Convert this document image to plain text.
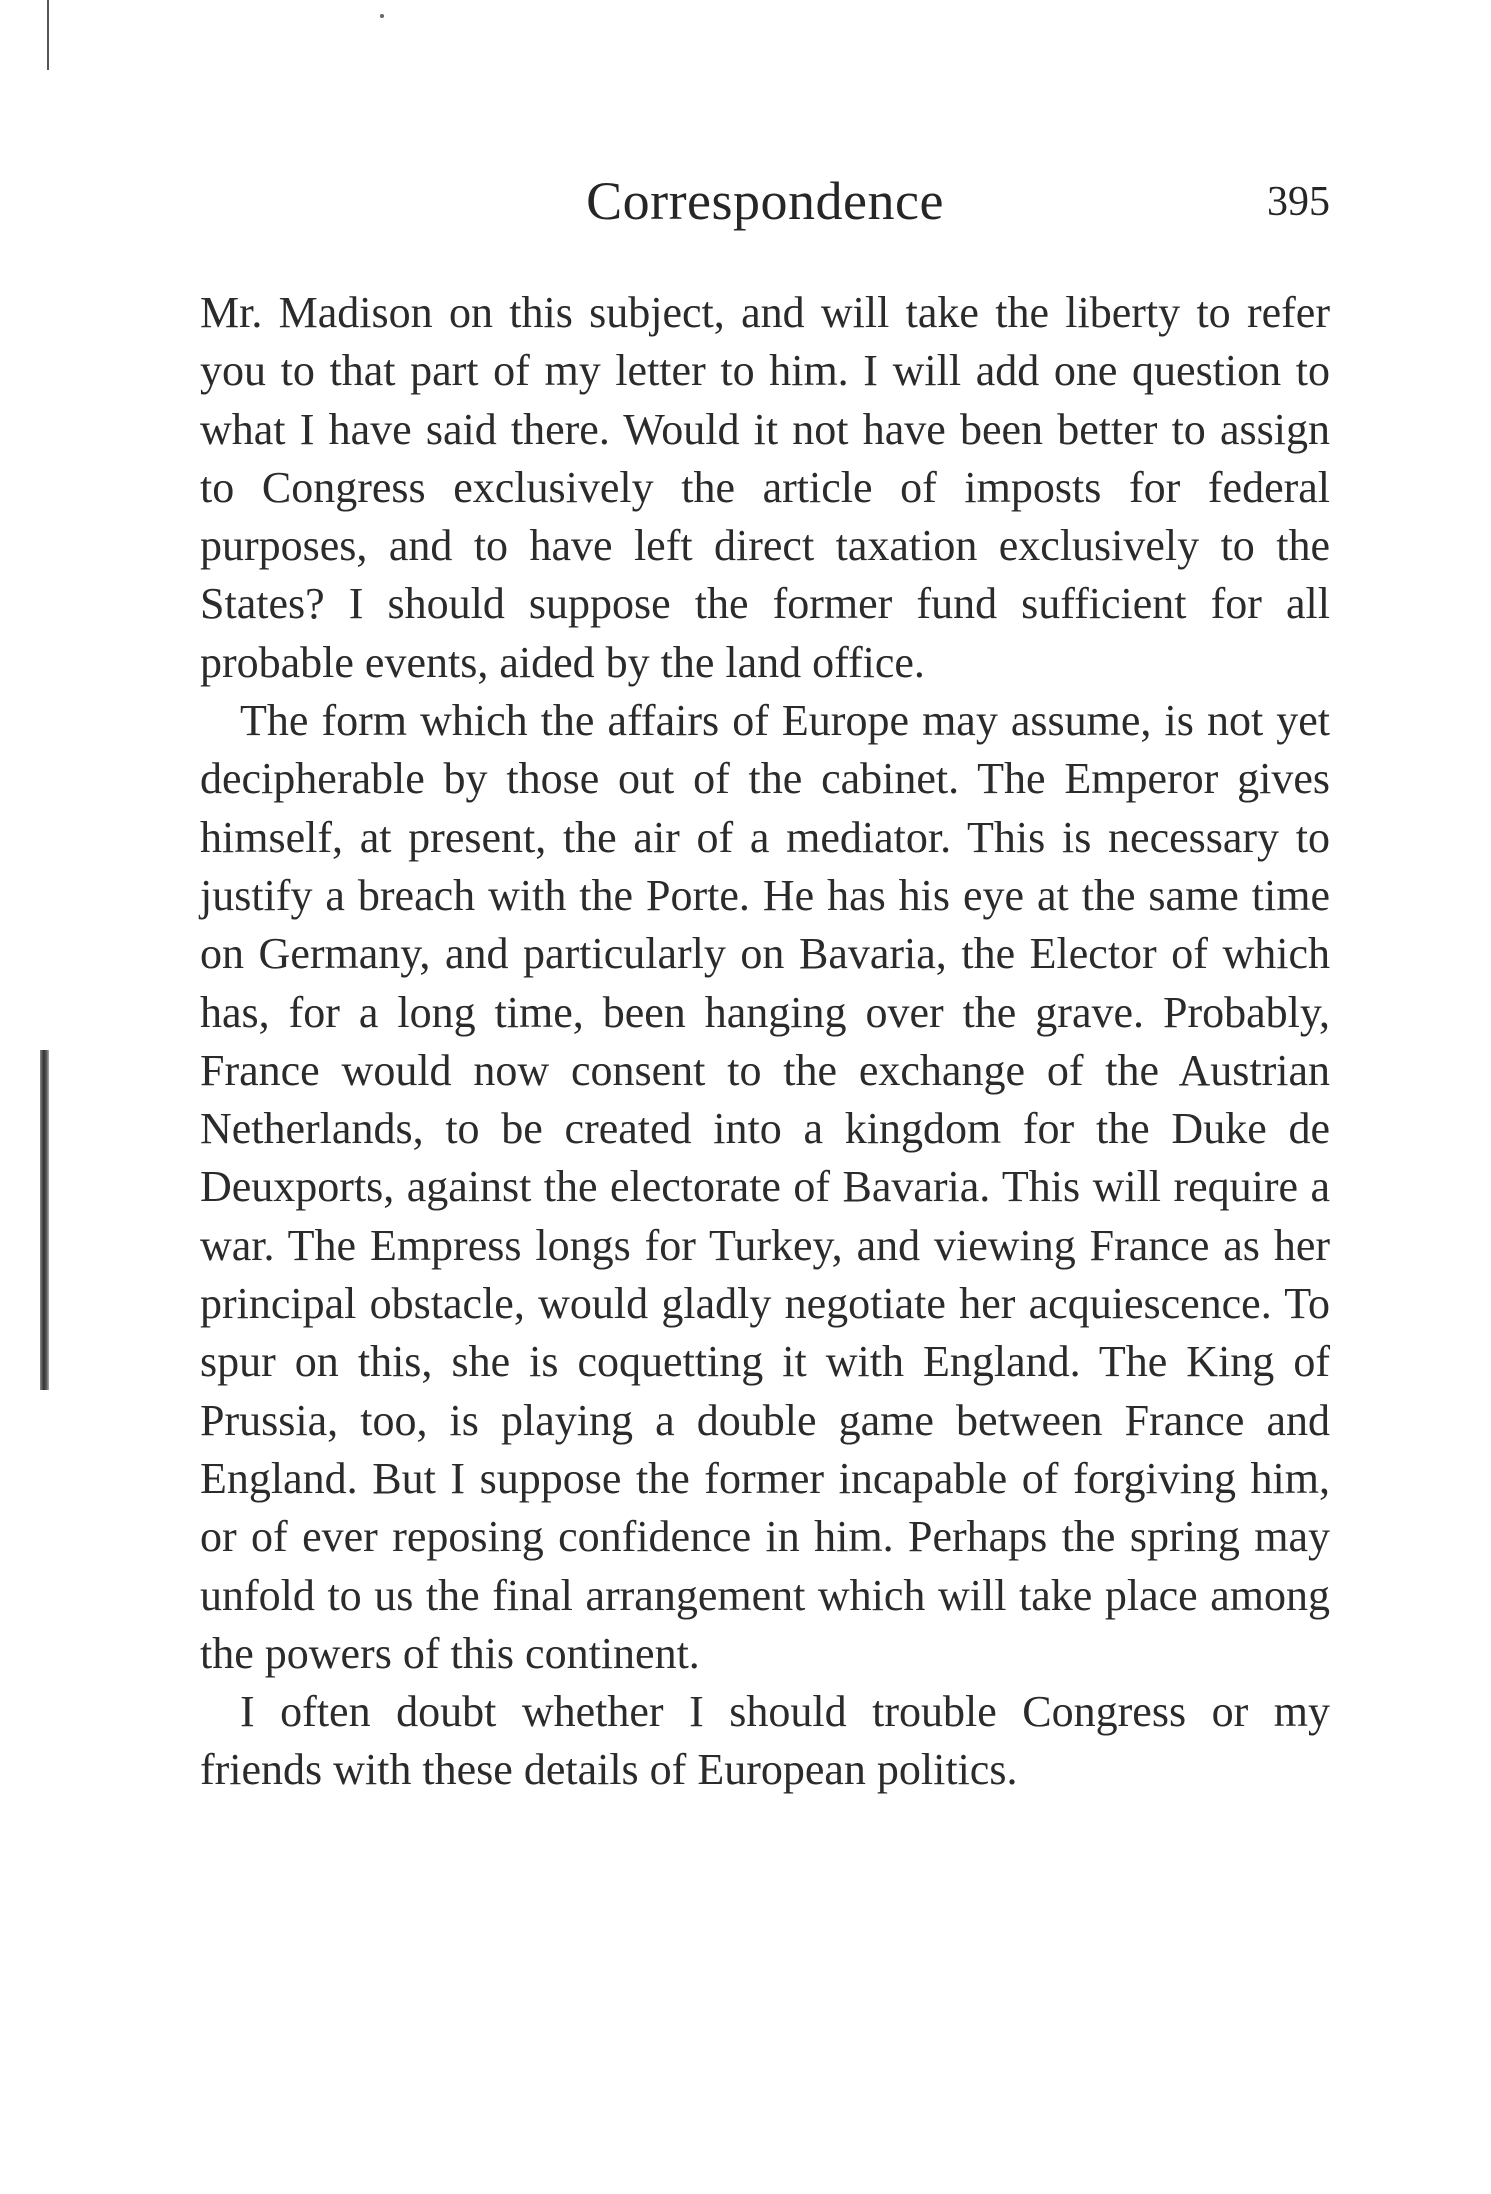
Correspondence	395

Mr. Madison on this subject, and will take the liberty to refer you to that part of my letter to him. I will add one question to what I have said there. Would it not have been better to assign to Congress exclusively the article of imposts for federal purposes, and to have left direct taxation exclusively to the States? I should suppose the former fund sufficient for all probable events, aided by the land office.

The form which the affairs of Europe may assume, is not yet decipherable by those out of the cabinet. The Emperor gives himself, at present, the air of a mediator. This is necessary to justify a breach with the Porte. He has his eye at the same time on Germany, and particularly on Bavaria, the Elector of which has, for a long time, been hanging over the grave. Probably, France would now consent to the exchange of the Austrian Netherlands, to be created into a kingdom for the Duke de Deuxports, against the electorate of Bavaria. This will require a war. The Empress longs for Turkey, and viewing France as her principal obstacle, would gladly negotiate her acquiescence. To spur on this, she is coquetting it with England. The King of Prussia, too, is playing a double game between France and England. But I suppose the former incapable of forgiving him, or of ever reposing confidence in him. Perhaps the spring may unfold to us the final arrangement which will take place among the powers of this continent.

I often doubt whether I should trouble Congress or my friends with these details of European politics.
